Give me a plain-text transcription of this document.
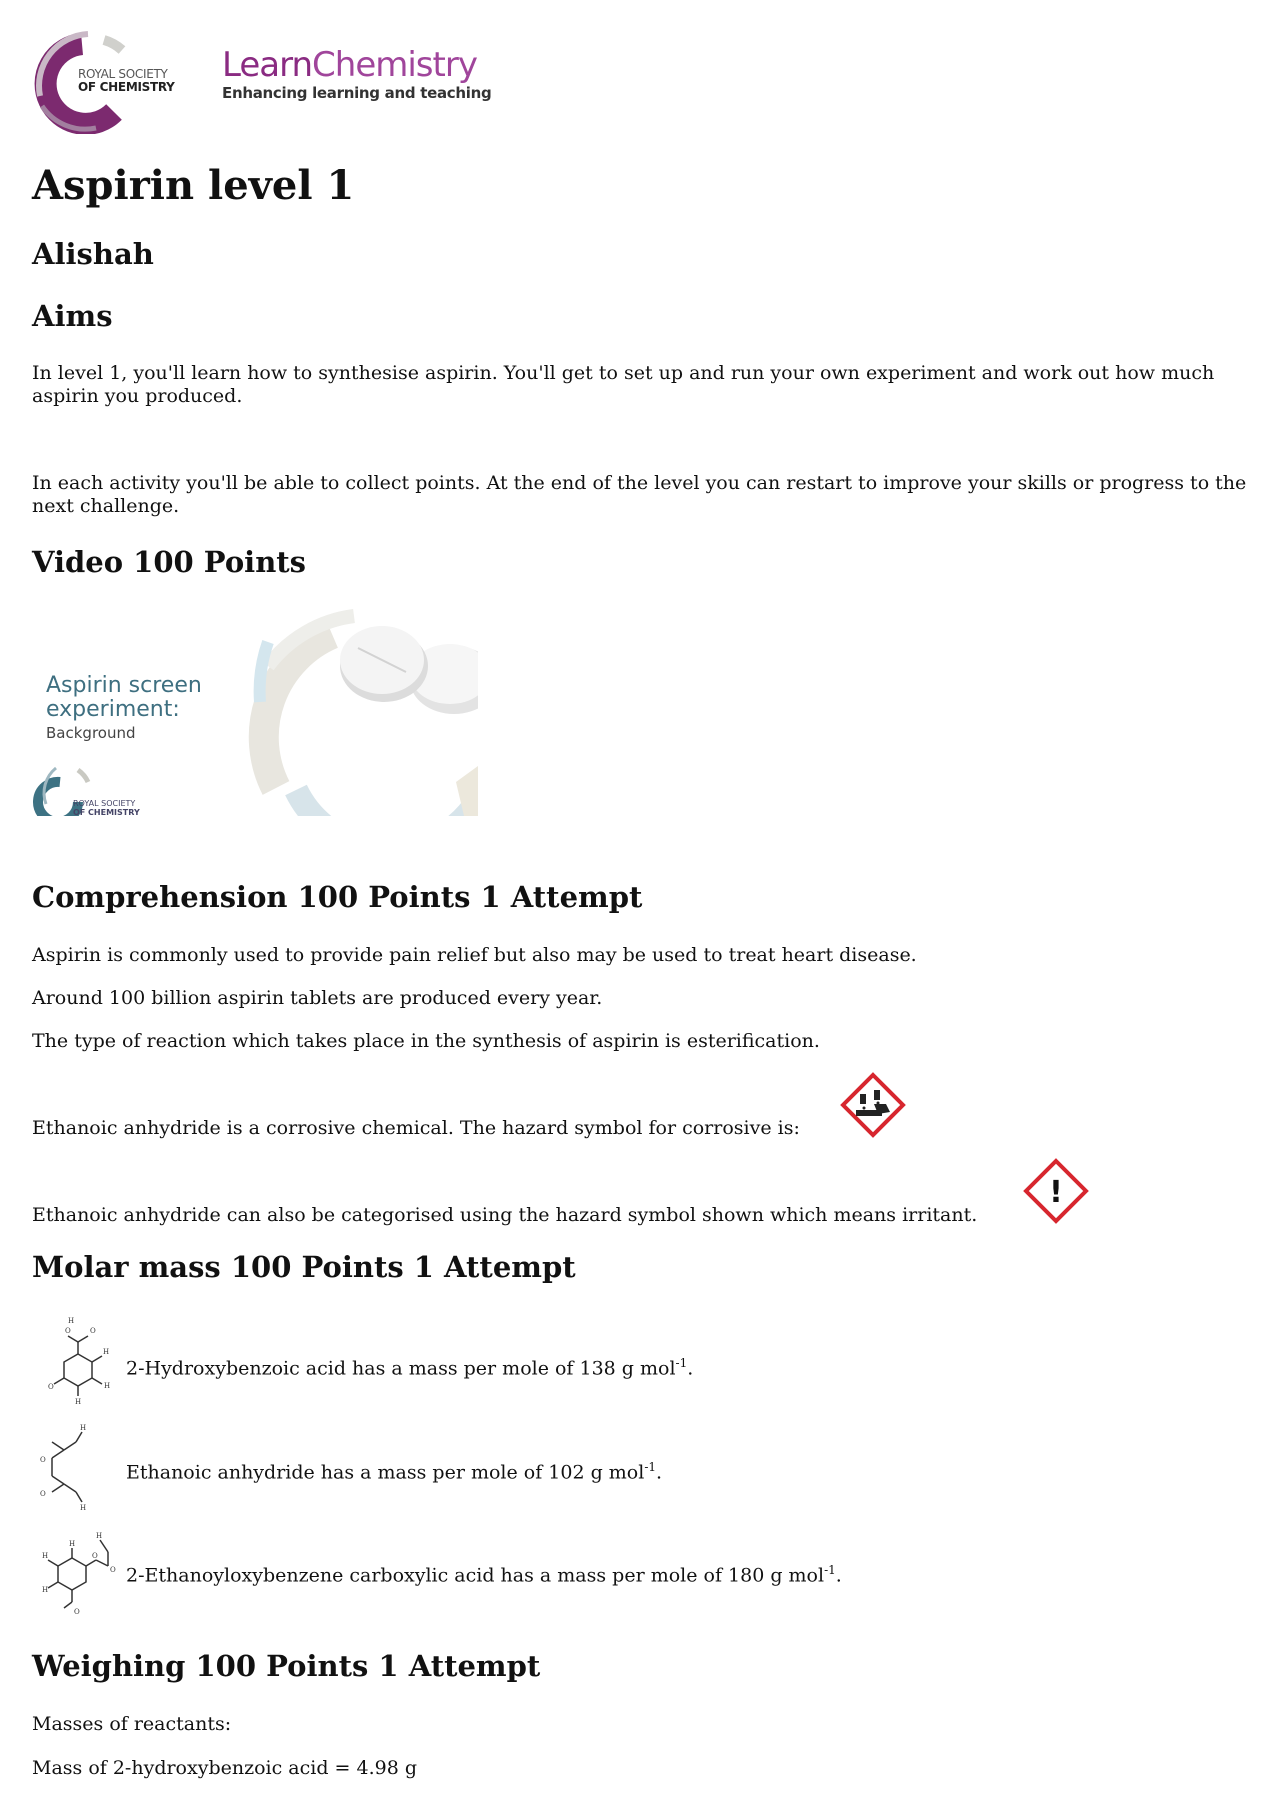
ROYAL SOCIETY
OF CHEMISTRY
LearnChemistry
Enhancing learning and teaching
Aspirin level 1
Alishah
Aims

In level 1, you'll learn how to synthesise aspirin. You'll get to set up and run your own experiment and work out how much aspirin you produced.

In each activity you'll be able to collect points. At the end of the level you can restart to improve your skills or progress to the next challenge.

Video 100 Points
Aspirin screen experiment:
Background
ROYAL SOCIETY
OF CHEMISTRY
Comprehension 100 Points 1 Attempt

Aspirin is commonly used to provide pain relief but also may be used to treat heart disease.

Around 100 billion aspirin tablets are produced every year.

The type of reaction which takes place in the synthesis of aspirin is esterification.

Ethanoic anhydride is a corrosive chemical. The hazard symbol for corrosive is:

Ethanoic anhydride can also be categorised using the hazard symbol shown which means irritant.

!
Molar mass 100 Points 1 Attempt
O	O
H
O
H
H
H

2-Hydroxybenzoic acid has a mass per mole of 138 g mol$^{-1}$.

O
O
H
H

Ethanoic anhydride has a mass per mole of 102 g mol$^{-1}$.

O
O
H
O
H
H
H

2-Ethanoyloxybenzene carboxylic acid has a mass per mole of 180 g mol$^{-1}$.

Weighing 100 Points 1 Attempt

Masses of reactants:

Mass of 2-hydroxybenzoic acid = 4.98 g
